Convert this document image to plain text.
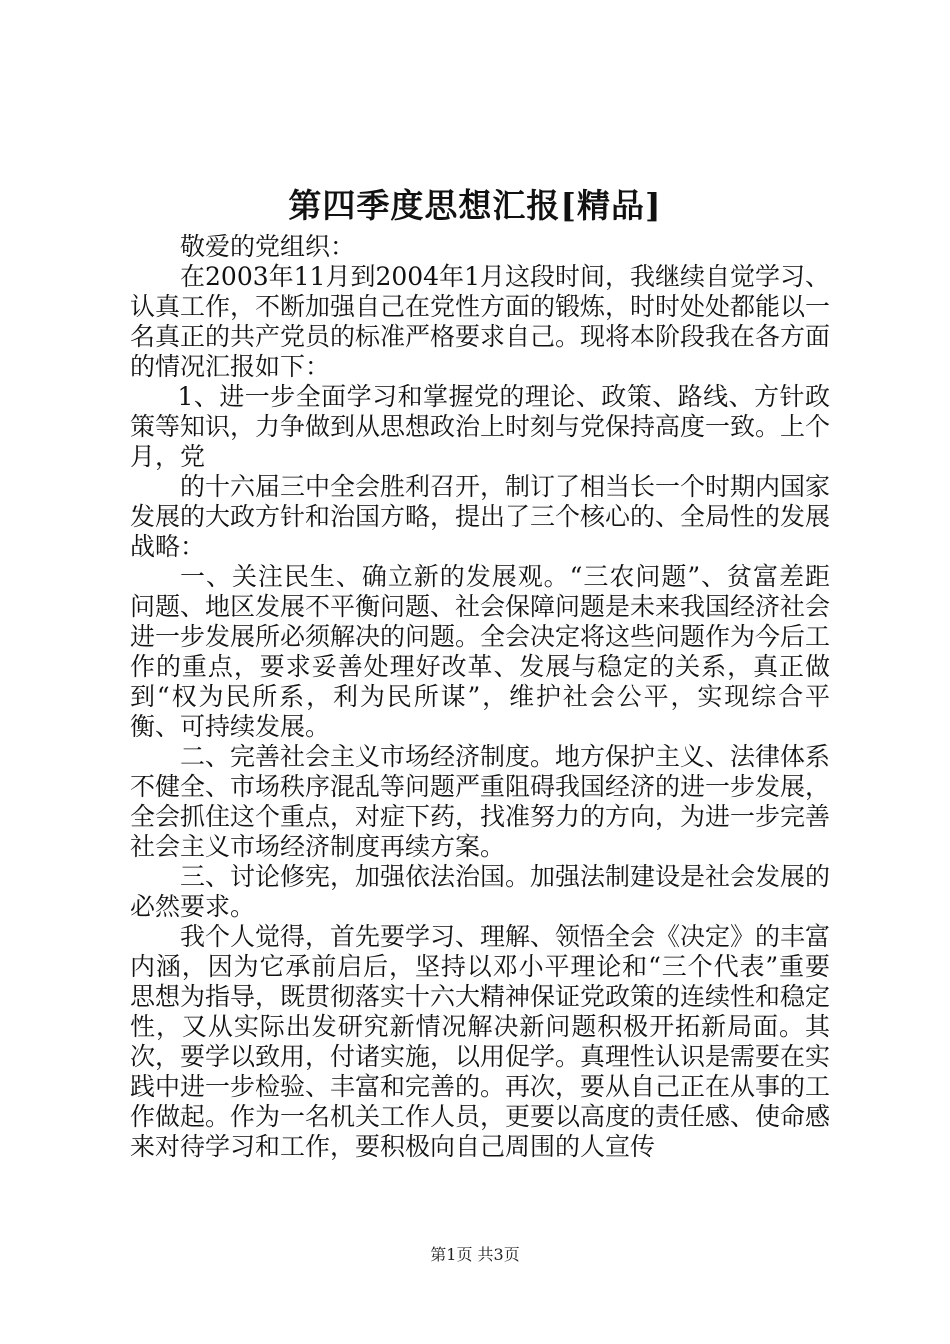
第四季度思想汇报[精品]

敬爱的党组织：

在2003年11月到2004年1月这段时间，我继续自觉学习、认真工作，不断加强自己在党性方面的锻炼，时时处处都能以一名真正的共产党员的标准严格要求自己。现将本阶段我在各方面的情况汇报如下：

1、进一步全面学习和掌握党的理论、政策、路线、方针政策等知识，力争做到从思想政治上时刻与党保持高度一致。上个月，党

的十六届三中全会胜利召开，制订了相当长一个时期内国家发展的大政方针和治国方略，提出了三个核心的、全局性的发展战略：

一、关注民生、确立新的发展观。“三农问题”、贫富差距问题、地区发展不平衡问题、社会保障问题是未来我国经济社会进一步发展所必须解决的问题。全会决定将这些问题作为今后工作的重点，要求妥善处理好改革、发展与稳定的关系，真正做到“权为民所系，利为民所谋”，维护社会公平，实现综合平衡、可持续发展。

二、完善社会主义市场经济制度。地方保护主义、法律体系不健全、市场秩序混乱等问题严重阻碍我国经济的进一步发展，全会抓住这个重点，对症下药，找准努力的方向，为进一步完善社会主义市场经济制度再续方案。

三、讨论修宪，加强依法治国。加强法制建设是社会发展的必然要求。

我个人觉得，首先要学习、理解、领悟全会《决定》的丰富内涵，因为它承前启后，坚持以邓小平理论和“三个代表”重要思想为指导，既贯彻落实十六大精神保证党政策的连续性和稳定性，又从实际出发研究新情况解决新问题积极开拓新局面。其次，要学以致用，付诸实施，以用促学。真理性认识是需要在实践中进一步检验、丰富和完善的。再次，要从自己正在从事的工作做起。作为一名机关工作人员，更要以高度的责任感、使命感来对待学习和工作，要积极向自己周围的人宣传

第1页 共3页
